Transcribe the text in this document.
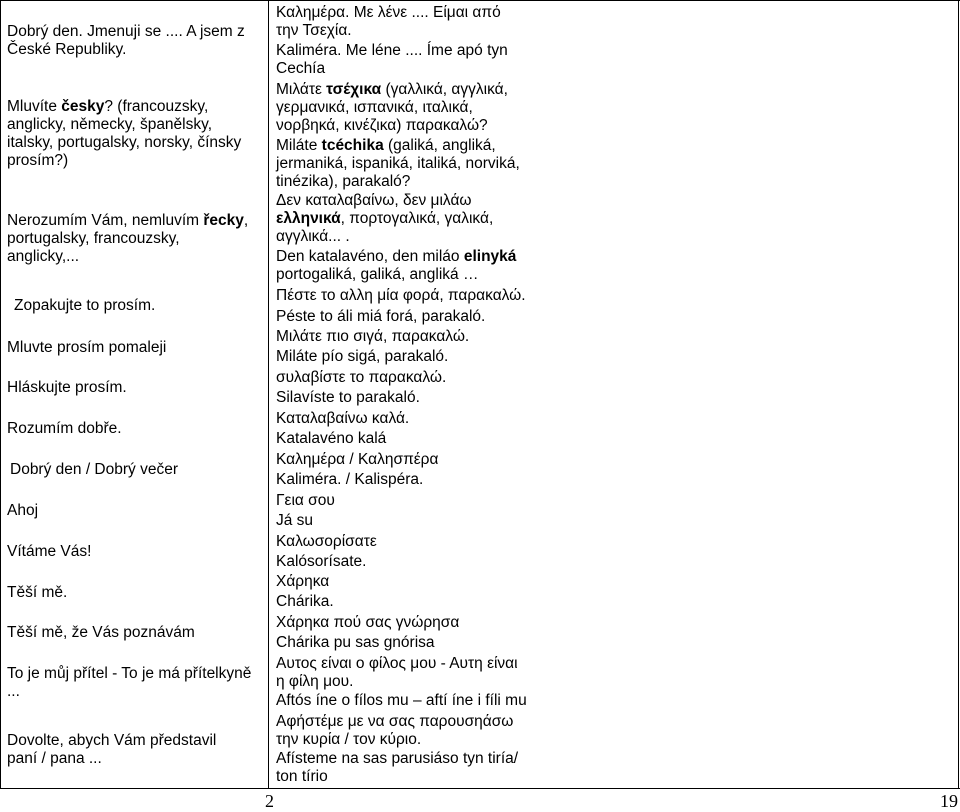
Dobrý den. Jmenuji se .... A jsem z
České Republiky.
Mluvíte česky? (francouzsky,
anglicky, německy, španělsky,
italsky, portugalsky, norsky, čínsky
prosím?)
Nerozumím Vám, nemluvím řecky,
portugalsky, francouzsky,
anglicky,...
Zopakujte to prosím.
Mluvte prosím pomaleji
Hláskujte prosím.
Rozumím dobře.
Dobrý den / Dobrý večer
Ahoj
Vítáme Vás!
Těší mě.
Těší mě, že Vás poznávám
To je můj přítel - To je má přítelkyně
...
Dovolte, abych Vám představil
paní / pana ...
Καλημέρα. Με λένε .... Είμαι από
την Τσεχία.
Kaliméra. Me léne .... Íme apó tyn
Cechía
Μιλάτε τσέχικα (γαλλικά, αγγλικά,
γερμανικά, ισπανικά, ιταλικά,
νορβηκά, κινέζικα) παρακαλώ?
Miláte tcéchika (galiká, angliká,
jermaniká, ispaniká, italiká, norviká,
tinézika), parakaló?
Δεν καταλαβαίνω, δεν μιλάω
ελληνικά, πορτογαλικά, γαλικά,
αγγλικά... .
Den katalavéno, den miláo elinyká
portogaliká, galiká, angliká …
Πέστε το αλλη μία φορά, παρακαλώ.
Péste to áli miá forá, parakaló.
Μιλάτε πιο σιγά, παρακαλώ.
Miláte pío sigá, parakaló.
συλαβίστε το παρακαλώ.
Silavíste to parakaló.
Καταλαβαίνω καλά.
Katalavéno kalá
Καλημέρα / Καλησπέρα
Kaliméra. / Kalispéra.
Γεια σου
Já su
Καλωσορίσατε
Kalósorísate.
Χάρηκα
Chárika.
Χάρηκα πού σας γνώρησα
Chárika pu sas gnórisa
Αυτος είναι ο φίλος μου - Αυτη είναι
η φίλη μου.
Aftós íne o fílos mu – aftí íne i fíli mu
Αφήστέμε με να σας παρουσηάσω
την κυρία / τον κύριο.
Afísteme na sas parusiáso tyn tiría/
ton tírio
2	19
